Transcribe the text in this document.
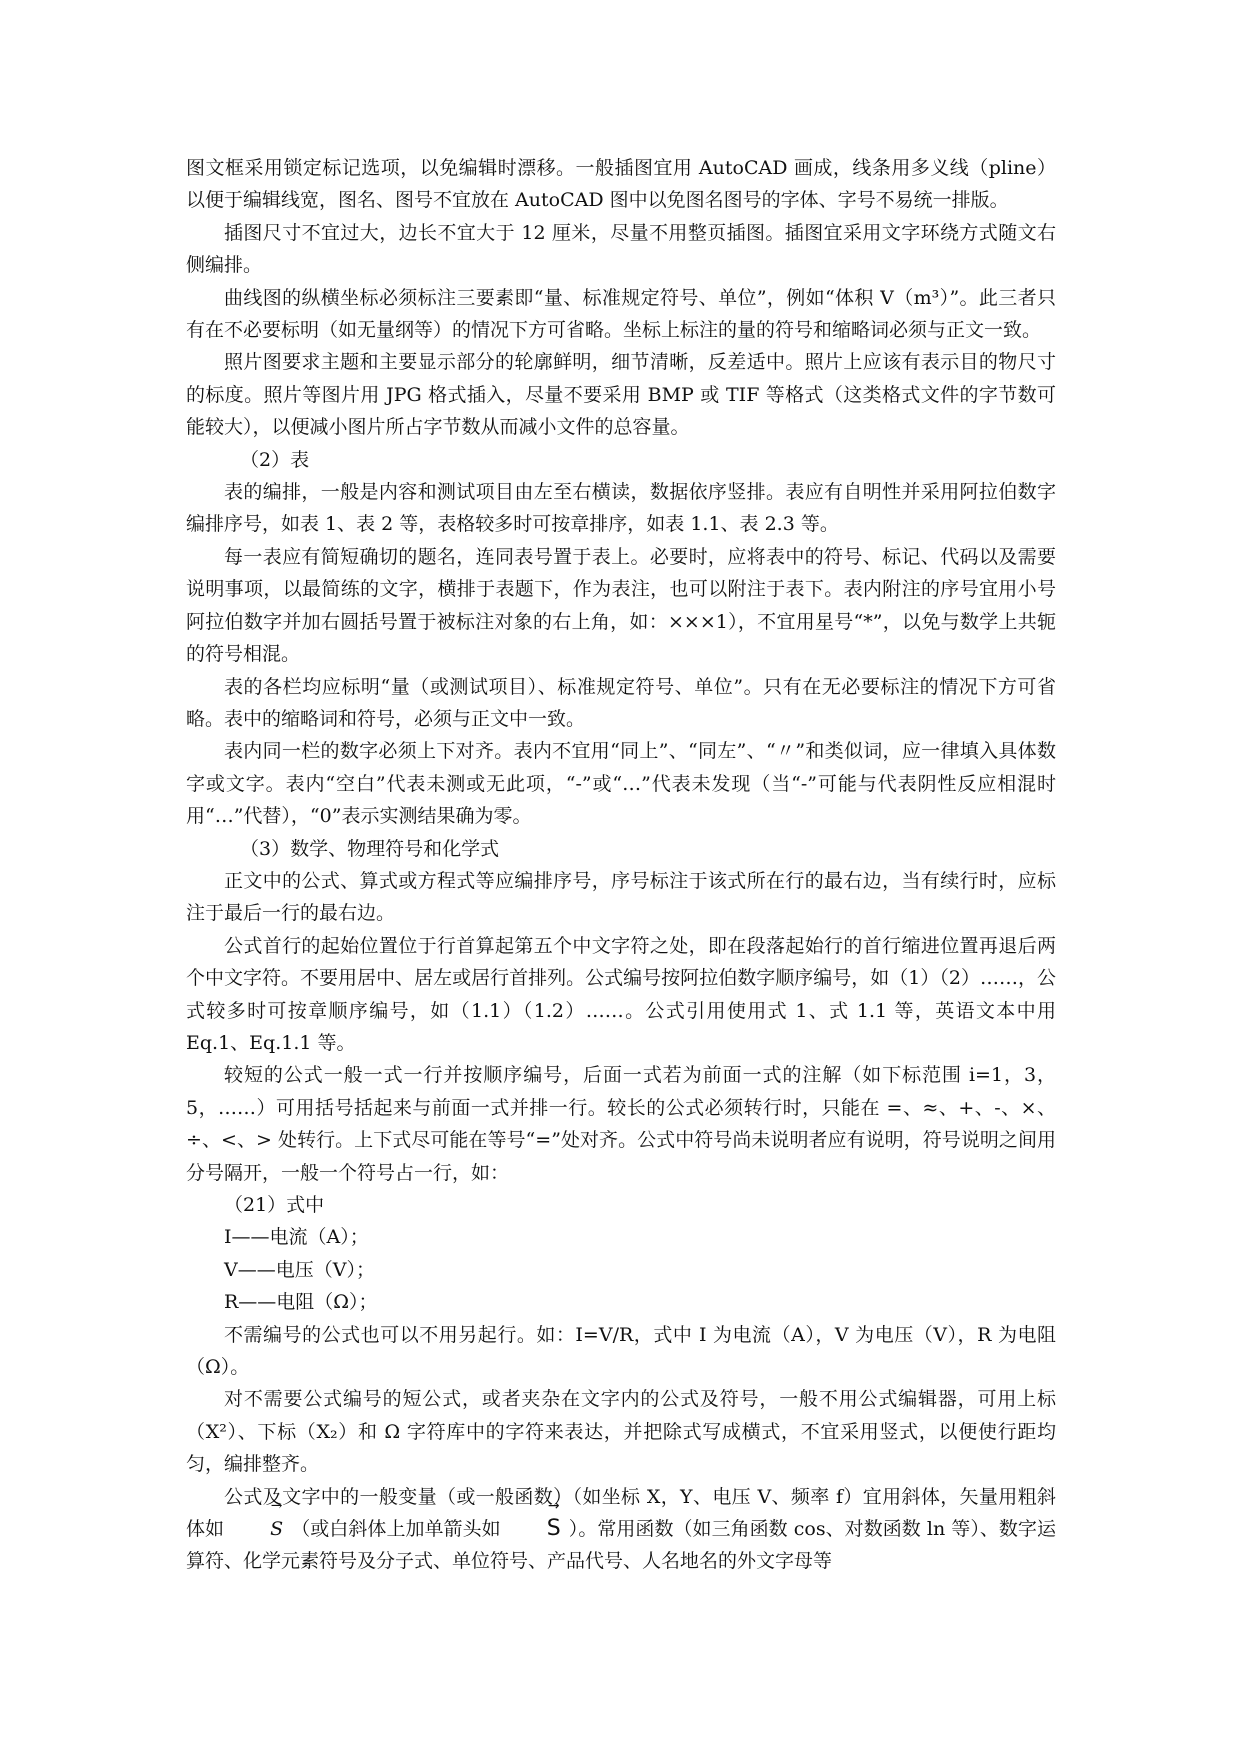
图文框采用锁定标记选项，以免编辑时漂移。一般插图宜用 AutoCAD 画成，线条用多义线（pline）以便于编辑线宽，图名、图号不宜放在 AutoCAD 图中以免图名图号的字体、字号不易统一排版。

插图尺寸不宜过大，边长不宜大于 12 厘米，尽量不用整页插图。插图宜采用文字环绕方式随文右侧编排。

曲线图的纵横坐标必须标注三要素即“量、标准规定符号、单位”，例如“体积 V（m³）”。此三者只有在不必要标明（如无量纲等）的情况下方可省略。坐标上标注的量的符号和缩略词必须与正文一致。

照片图要求主题和主要显示部分的轮廓鲜明，细节清晰，反差适中。照片上应该有表示目的物尺寸的标度。照片等图片用 JPG 格式插入，尽量不要采用 BMP 或 TIF 等格式（这类格式文件的字节数可能较大），以便减小图片所占字节数从而减小文件的总容量。

（2）表

表的编排，一般是内容和测试项目由左至右横读，数据依序竖排。表应有自明性并采用阿拉伯数字编排序号，如表 1、表 2 等，表格较多时可按章排序，如表 1.1、表 2.3 等。

每一表应有简短确切的题名，连同表号置于表上。必要时，应将表中的符号、标记、代码以及需要说明事项，以最简练的文字，横排于表题下，作为表注，也可以附注于表下。表内附注的序号宜用小号阿拉伯数字并加右圆括号置于被标注对象的右上角，如：×××1），不宜用星号“*”，以免与数学上共轭的符号相混。

表的各栏均应标明“量（或测试项目）、标准规定符号、单位”。只有在无必要标注的情况下方可省略。表中的缩略词和符号，必须与正文中一致。

表内同一栏的数字必须上下对齐。表内不宜用“同上”、“同左”、“〃”和类似词，应一律填入具体数字或文字。表内“空白”代表未测或无此项，“-”或“…”代表未发现（当“-”可能与代表阴性反应相混时用“…”代替），“0”表示实测结果确为零。

（3）数学、物理符号和化学式

正文中的公式、算式或方程式等应编排序号，序号标注于该式所在行的最右边，当有续行时，应标注于最后一行的最右边。

公式首行的起始位置位于行首算起第五个中文字符之处，即在段落起始行的首行缩进位置再退后两个中文字符。不要用居中、居左或居行首排列。公式编号按阿拉伯数字顺序编号，如（1）（2）……，公式较多时可按章顺序编号，如（1.1）（1.2）……。公式引用使用式 1、式 1.1 等，英语文本中用 Eq.1、Eq.1.1 等。

较短的公式一般一式一行并按顺序编号，后面一式若为前面一式的注解（如下标范围 i=1，3，5，……）可用括号括起来与前面一式并排一行。较长的公式必须转行时，只能在 =、≈、+、-、×、÷、<、> 处转行。上下式尽可能在等号“=”处对齐。公式中符号尚未说明者应有说明，符号说明之间用分号隔开，一般一个符号占一行，如：

（21）式中

I——电流（A）；

V——电压（V）；

R——电阻（Ω）；

不需编号的公式也可以不用另起行。如：I=V/R，式中 I 为电流（A），V 为电压（V），R 为电阻（Ω）。

对不需要公式编号的短公式，或者夹杂在文字内的公式及符号，一般不用公式编辑器，可用上标（X²）、下标（X₂）和 Ω 字符库中的字符来表达，并把除式写成横式，不宜采用竖式，以便使行距均匀，编排整齐。

公式及文字中的一般变量（或一般函数）（如坐标 X，Y、电压 V、频率 f）宜用斜体，矢量用粗斜体如 → S （或白斜体上加单箭头如 → S ）。常用函数（如三角函数 cos、对数函数 ln 等）、数字运算符、化学元素符号及分子式、单位符号、产品代号、人名地名的外文字母等
